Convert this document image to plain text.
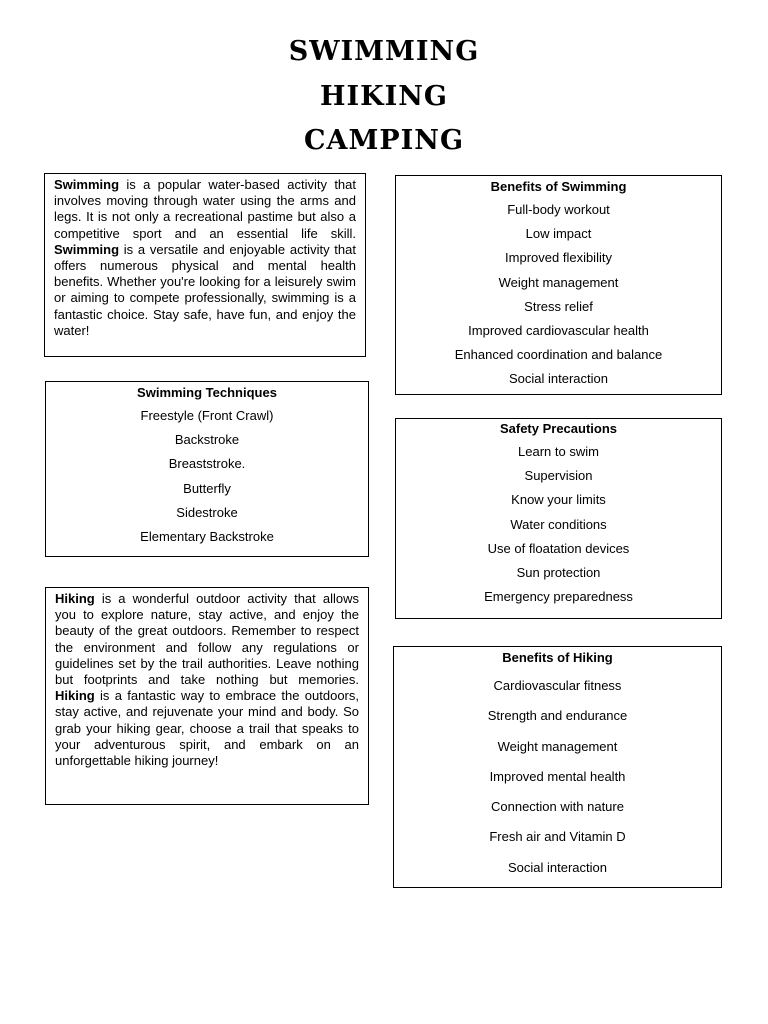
SWIMMING
HIKING
CAMPING

Swimming is a popular water-based activity that involves moving through water using the arms and legs. It is not only a recreational pastime but also a competitive sport and an essential life skill. Swimming is a versatile and enjoyable activity that offers numerous physical and mental health benefits. Whether you're looking for a leisurely swim or aiming to compete professionally, swimming is a fantastic choice. Stay safe, have fun, and enjoy the water!

Benefits of Swimming

Full-body workout
Low impact
Improved flexibility
Weight management
Stress relief
Improved cardiovascular health
Enhanced coordination and balance
Social interaction

Swimming Techniques

Freestyle (Front Crawl)
Backstroke
Breaststroke.
Butterfly
Sidestroke
Elementary Backstroke

Safety Precautions

Learn to swim
Supervision
Know your limits
Water conditions
Use of floatation devices
Sun protection
Emergency preparedness

Hiking is a wonderful outdoor activity that allows you to explore nature, stay active, and enjoy the beauty of the great outdoors. Remember to respect the environment and follow any regulations or guidelines set by the trail authorities. Leave nothing but footprints and take nothing but memories. Hiking is a fantastic way to embrace the outdoors, stay active, and rejuvenate your mind and body. So grab your hiking gear, choose a trail that speaks to your adventurous spirit, and embark on an unforgettable hiking journey!

Benefits of Hiking

Cardiovascular fitness
Strength and endurance
Weight management
Improved mental health
Connection with nature
Fresh air and Vitamin D
Social interaction
